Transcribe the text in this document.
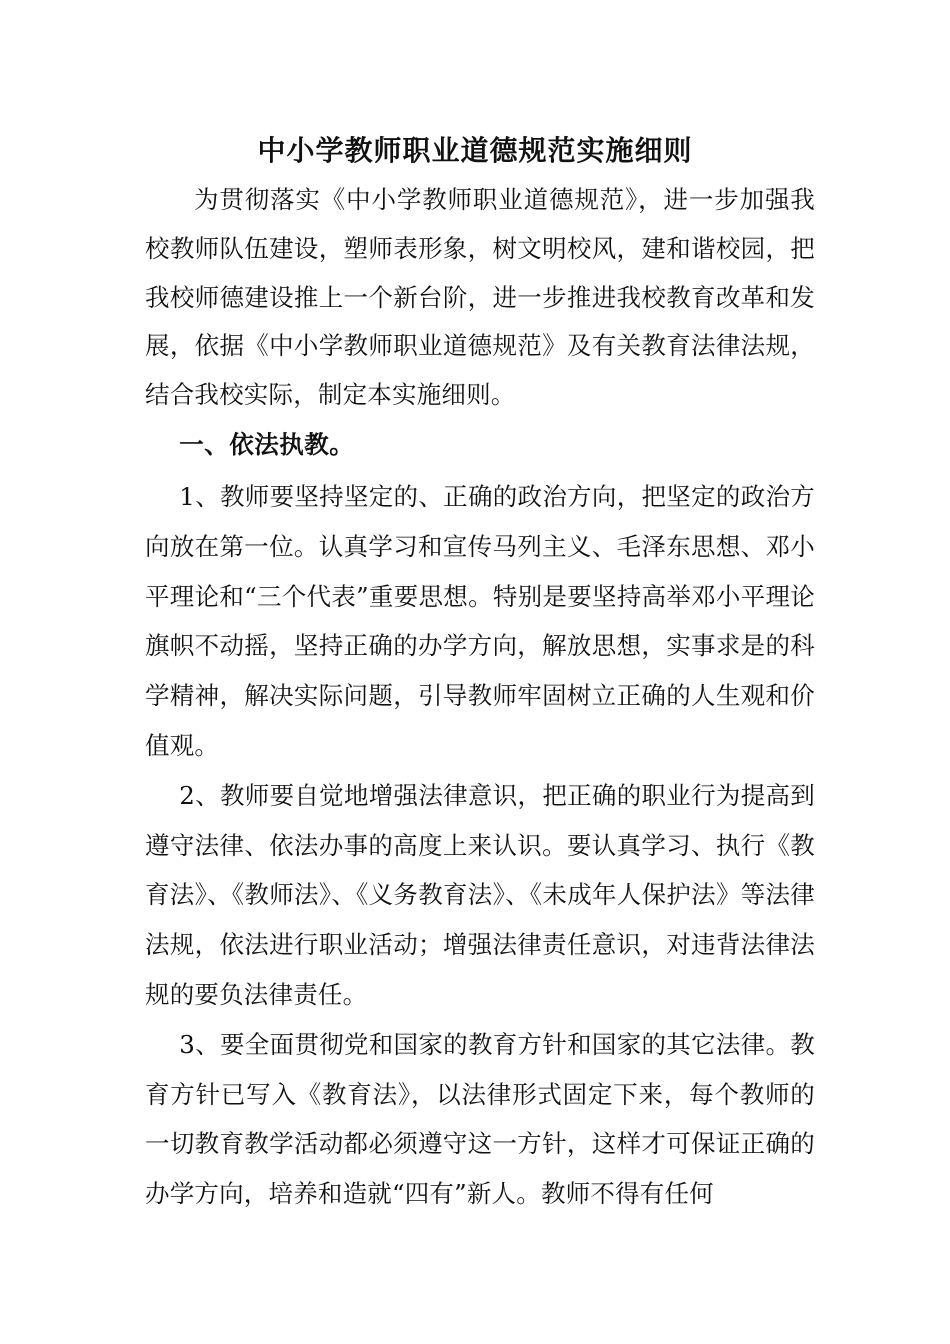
中小学教师职业道德规范实施细则

为贯彻落实《中小学教师职业道德规范》，进一步加强我校教师队伍建设，塑师表形象，树文明校风，建和谐校园，把我校师德建设推上一个新台阶，进一步推进我校教育改革和发展，依据《中小学教师职业道德规范》及有关教育法律法规，结合我校实际，制定本实施细则。

一、依法执教。

1、教师要坚持坚定的、正确的政治方向，把坚定的政治方向放在第一位。认真学习和宣传马列主义、毛泽东思想、邓小平理论和“三个代表”重要思想。特别是要坚持高举邓小平理论旗帜不动摇，坚持正确的办学方向，解放思想，实事求是的科学精神，解决实际问题，引导教师牢固树立正确的人生观和价值观。

2、教师要自觉地增强法律意识，把正确的职业行为提高到遵守法律、依法办事的高度上来认识。要认真学习、执行《教育法》、《教师法》、《义务教育法》、《未成年人保护法》等法律法规，依法进行职业活动；增强法律责任意识，对违背法律法规的要负法律责任。

3、要全面贯彻党和国家的教育方针和国家的其它法律。教育方针已写入《教育法》，以法律形式固定下来，每个教师的一切教育教学活动都必须遵守这一方针，这样才可保证正确的办学方向，培养和造就“四有”新人。教师不得有任何
